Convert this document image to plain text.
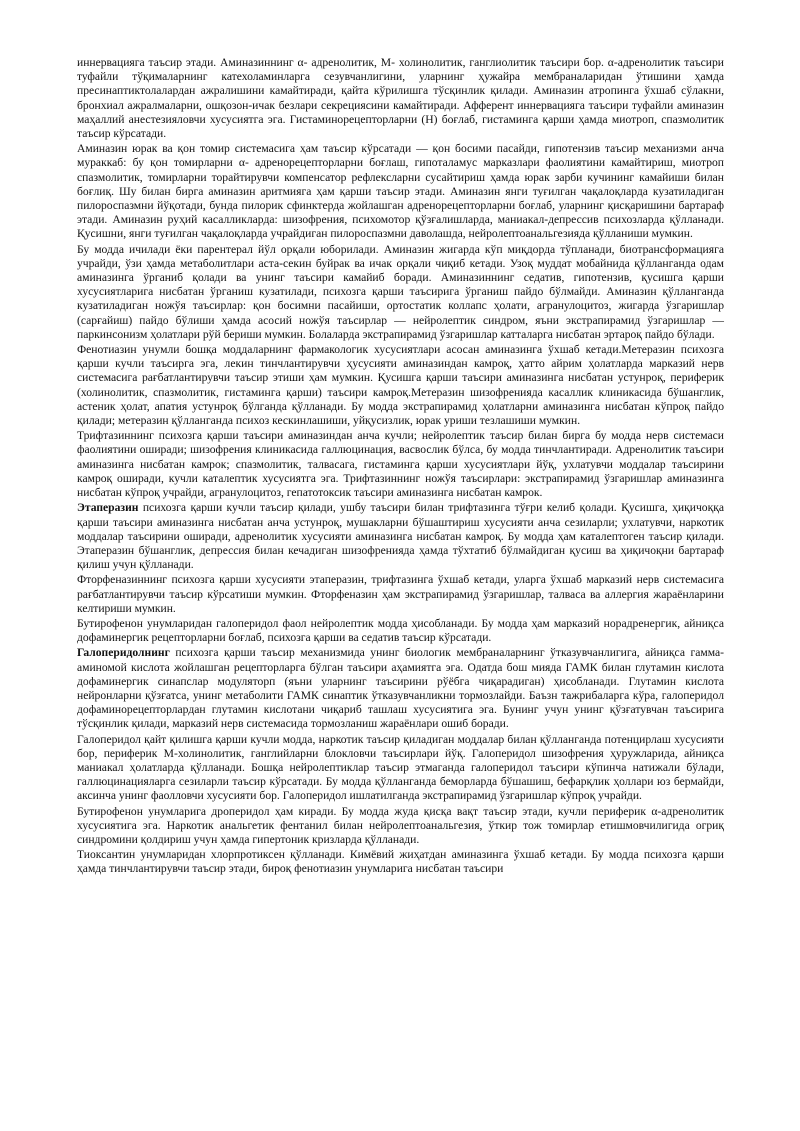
иннервацияга таъсир этади. Аминазиннинг α- адренолитик, М- холинолитик, ганглиолитик таъсири бор. α-адренолитик таъсири туфайли тўқималарнинг катехоламинларга сезувчанлигини, уларнинг ҳужайра мембраналаридан ўтишини ҳамда пресинаптиктолалардан ажралишини камайтиради, қайта кўрилишга тўсқинлик қилади. Аминазин атропинга ўхшаб сўлакни, бронхиал ажралмаларни, ошқозон-ичак безлари секрециясини камайтиради. Афферент иннервацияга таъсири туфайли аминазин маҳаллий анестезияловчи хусусиятга эга. Гистаминорецепторларни (Н) боғлаб, гистаминга қарши ҳамда миотроп, спазмолитик таъсир кўрсатади.

Аминазин юрак ва қон томир системасига ҳам таъсир кўрсатади — қон босими пасайди, гипотензив таъсир механизми анча мураккаб: бу қон томирларни α- адренорецепторларни боғлаш, гипоталамус марказлари фаолиятини камайтириш, миотроп спазмолитик, томирларни торайтирувчи компенсатор рефлексларни сусайтириш ҳамда юрак зарби кучининг камайиши билан боғлиқ. Шу билан бирга аминазин аритмияга ҳам қарши таъсир этади. Аминазин янги туғилган чақалоқларда кузатиладиган пилороспазмни йўқотади, бунда пилорик сфинктерда жойлашган адренорецепторларни боғлаб, уларнинг қисқаришини бартараф этади. Аминазин руҳий касалликларда: шизофрения, психомотор қўзғалишларда, маниакал-депрессив психозларда қўлланади. Қусишни, янги туғилган чақалоқларда учрайдиган пилороспазмни даволашда, нейролептоанальгезияда қўлланиши мумкин.

Бу модда ичилади ёки парентерал йўл орқали юборилади. Аминазин жигарда кўп миқдорда тўпланади, биотрансформацияга учрайди, ўзи ҳамда метаболитлари аста-секин буйрак ва ичак орқали чиқиб кетади. Узоқ муддат мобайнида қўлланганда одам аминазинга ўрганиб қолади ва унинг таъсири камайиб боради. Аминазиннинг седатив, гипотензив, қусишга қарши хусусиятларига нисбатан ўрганиш кузатилади, психозга қарши таъсирига ўрганиш пайдо бўлмайди. Аминазин қўлланганда кузатиладиган ножўя таъсирлар: қон босимни пасайиши, ортостатик коллапс ҳолати, агранулоцитоз, жигарда ўзгаришлар (сарғайиш) пайдо бўлиши ҳамда асосий ножўя таъсирлар — нейролептик синдром, яъни экстрапирамид ўзгаришлар — паркинсонизм ҳолатлари рўй бериши мумкин. Болаларда экстрапирамид ўзгаришлар катталарга нисбатан эртароқ пайдо бўлади.

Фенотиазин унумли бошқа моддаларнинг фармакологик хусусиятлари асосан аминазинга ўхшаб кетади.Метеразин психозга қарши кучли таъсирга эга, лекин тинчлантирувчи ҳусусияти аминазиндан камроқ, ҳатто айрим ҳолатларда марказий нерв системасига рағбатлантирувчи таъсир этиши ҳам мумкин. Қусишга қарши таъсири аминазинга нисбатан устунроқ, периферик (холинолитик, спазмолитик, гистаминга қарши) таъсири камроқ.Метеразин шизофренияда касаллик клиникасида бўшанглик, астеник ҳолат, апатия устунроқ бўлганда қўлланади. Бу модда экстрапирамид ҳолатларни аминазинга нисбатан кўпроқ пайдо қилади; метеразин қўлланганда психоз кескинлашиши, уйқусизлик, юрак уриши тезлашиши мумкин.

Трифтазиннинг психозга қарши таъсири аминазиндан анча кучли; нейролептик таъсир билан бирга бу модда нерв системаси фаолиятини оширади; шизофрения клиникасида галлюцинация, васвослик бўлса, бу модда тинчлантиради. Адренолитик таъсири аминазинга нисбатан камрок; спазмолитик, талвасага, гистаминга қарши хусусиятлари йўқ, ухлатувчи моддалар таъсирини камроқ оширади, кучли каталептик хусусиятга эга. Трифтазиннинг ножўя таъсирлари: экстрапирамид ўзгаришлар аминазинга нисбатан кўпроқ учрайди, агранулоцитоз, гепатотоксик таъсири аминазинга нисбатан камрок.

Этаперазин психозга қарши кучли таъсир қилади, ушбу таъсири билан трифтазинга тўғри келиб қолади. Қусишга, ҳиқичоққа қарши таъсири аминазинга нисбатан анча устунроқ, мушакларни бўшаштириш хусусияти анча сезиларли; ухлатувчи, наркотик моддалар таъсирини оширади, адренолитик хусусияти аминазинга нисбатан камроқ. Бу модда ҳам каталептоген таъсир қилади. Этаперазин бўшанглик, депрессия билан кечадиган шизофренияда ҳамда тўхтатиб бўлмайдиган қусиш ва ҳиқичоқни бартараф қилиш учун қўлланади.

Фторфеназиннинг психозга қарши хусусияти этаперазин, трифтазинга ўхшаб кетади, уларга ўхшаб марказий нерв системасига рағбатлантирувчи таъсир кўрсатиши мумкин. Фторфеназин ҳам экстрапирамид ўзгаришлар, талваса ва аллергия жараёнларини келтириши мумкин.

Бутирофенон унумларидан галоперидол фаол нейролептик модда ҳисобланади. Бу модда ҳам марказий норадренергик, айниқса дофаминергик рецепторларни боғлаб, психозга қарши ва седатив таъсир кўрсатади.

Галоперидолнинг психозга қарши таъсир механизмида унинг биологик мембраналарнинг ўтказувчанлигига, айниқса гамма-аминомой кислота жойлашган рецепторларга бўлган таъсири аҳамиятга эга. Одатда бош мияда ГАМК билан глутамин кислота дофаминергик синапслар модуляторп (яъни уларнинг таъсирини рўёбга чиқарадиган) ҳисобланади. Глутамин кислота нейронларни қўзғатса, унинг метаболити ГАМК синаптик ўтказувчанликни тормозлайди. Баъзн тажрибаларга кўра, галоперидол дофаминорецепторлардан глутамин кислотани чиқариб ташлаш хусусиятига эга. Бунинг учун унинг қўзғатувчан таъсирига тўсқинлик қилади, марказий нерв системасида тормозланиш жараёнлари ошиб боради.

Галоперидол қайт қилишга қарши кучли модда, наркотик таъсир қиладиган моддалар билан қўлланганда потенцирлаш хусусияти бор, периферик М-холинолитик, ганглийларни блокловчи таъсирлари йўқ. Галоперидол шизофрения ҳуружларида, айниқса маниакал ҳолатларда қўлланади. Бошқа нейролептиклар таъсир этмаганда галоперидол таъсири кўпинча натижали бўлади, галлюцинацияларга сезиларли таъсир кўрсатади. Бу модда қўлланганда беморларда бўшашиш, бефарқлик ҳоллари юз бермайди, аксинча унинг фаолловчи хусусияти бор. Галоперидол ишлатилганда экстрапирамид ўзгаришлар кўпроқ учрайди.

Бутирофенон унумларига дроперидол ҳам киради. Бу модда жуда қисқа вақт таъсир этади, кучли периферик α-адренолитик хусусиятига эга. Наркотик анальгетик фентанил билан нейролептоанальгезия, ўткир тож томирлар етишмовчилигида огриқ синдромини қолдириш учун ҳамда гипертоник кризларда қўлланади.

Тиоксантин унумларидан хлорпротиксен қўлланади. Кимёвий жиҳатдан аминазинга ўхшаб кетади. Бу модда психозга қарши ҳамда тинчлантирувчи таъсир этади, бироқ фенотиазин унумларига нисбатан таъсири
